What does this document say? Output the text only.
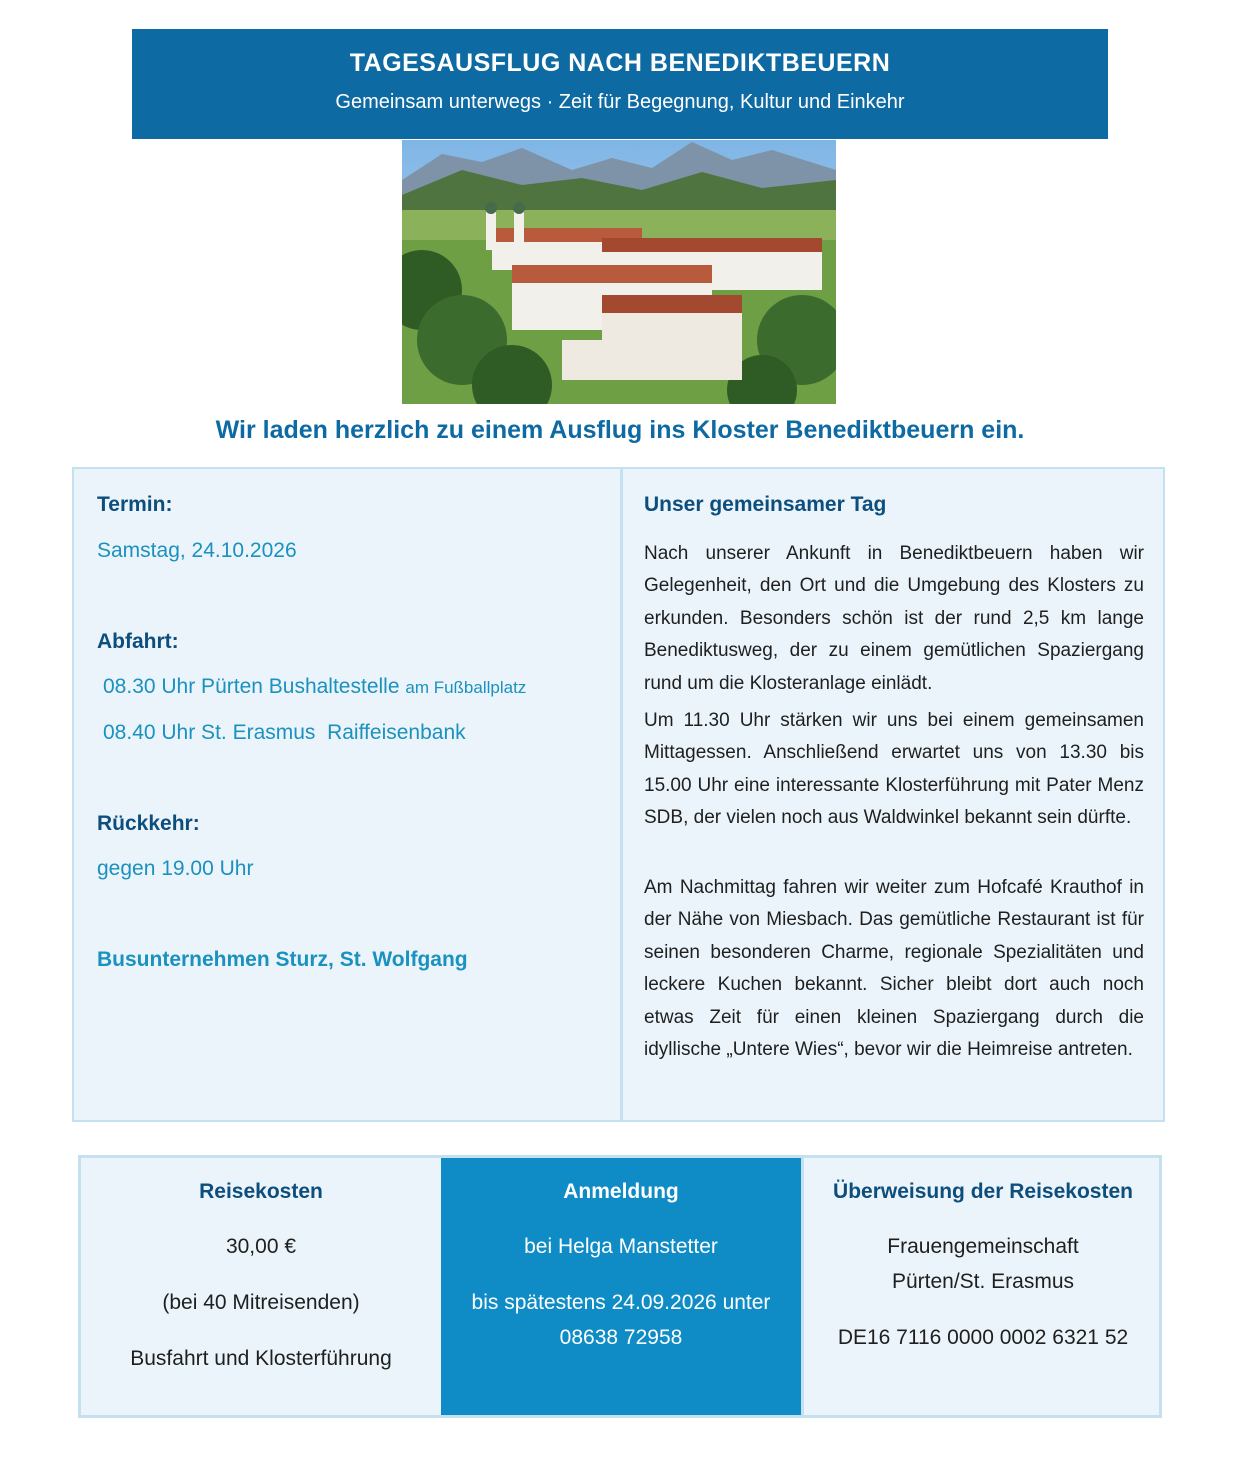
TAGESAUSFLUG NACH BENEDIKTBEUERN
Gemeinsam unterwegs · Zeit für Begegnung, Kultur und Einkehr
Wir laden herzlich zu einem Ausflug ins Kloster Benediktbeuern ein.
Termin:
Samstag, 24.10.2026
Abfahrt:
08.30 Uhr Pürten Bushaltestelle am Fußballplatz
08.40 Uhr St. Erasmus  Raiffeisenbank
Rückkehr:
gegen 19.00 Uhr
Busunternehmen Sturz, St. Wolfgang
Unser gemeinsamer Tag
Nach unserer Ankunft in Benediktbeuern haben wir Gelegenheit, den Ort und die Umgebung des Klosters zu erkunden. Besonders schön ist der rund 2,5 km lange Benediktusweg, der zu einem gemütlichen Spaziergang rund um die Klosteranlage einlädt.
Um 11.30 Uhr stärken wir uns bei einem gemeinsamen Mittagessen. Anschließend erwartet uns von 13.30 bis 15.00 Uhr eine interessante Klosterführung mit Pater Menz SDB, der vielen noch aus Waldwinkel bekannt sein dürfte.
Am Nachmittag fahren wir weiter zum Hofcafé Krauthof in der Nähe von Miesbach. Das gemütliche Restaurant ist für seinen besonderen Charme, regionale Spezialitäten und leckere Kuchen bekannt. Sicher bleibt dort auch noch etwas Zeit für einen kleinen Spaziergang durch die idyllische „Untere Wies“, bevor wir die Heimreise antreten.
Reisekosten
30,00 €
(bei 40 Mitreisenden)
Busfahrt und Klosterführung
Anmeldung
bei Helga Manstetter
bis spätestens 24.09.2026 unter
08638 72958
Überweisung der Reisekosten
Frauengemeinschaft
Pürten/St. Erasmus
DE16 7116 0000 0002 6321 52
